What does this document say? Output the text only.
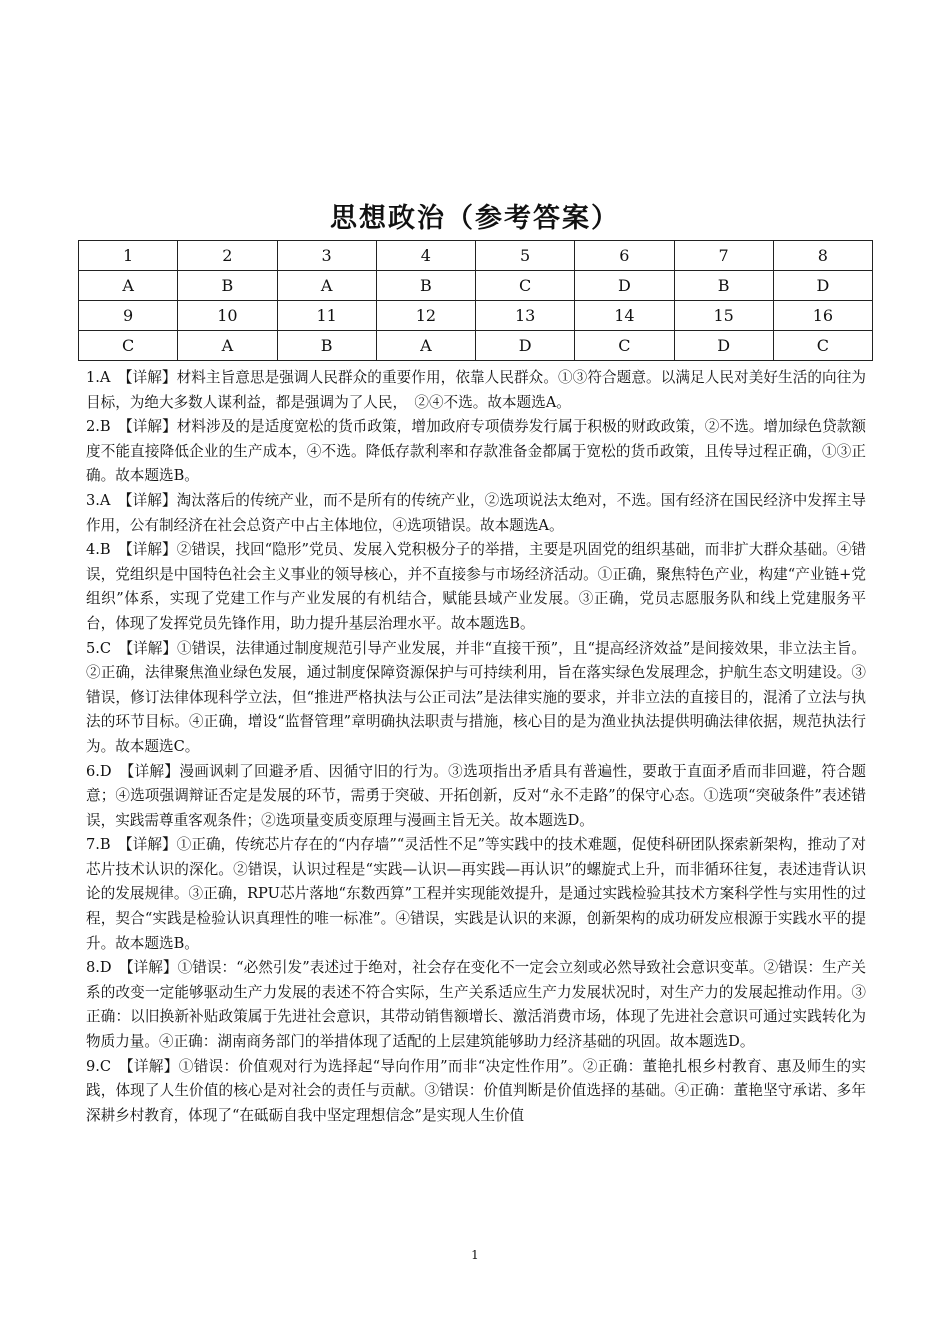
思想政治（参考答案）
1	2	3	4	5	6	7	8
A	B	A	B	C	D	B	D
9	10	11	12	13	14	15	16
C	A	B	A	D	C	D	C

1.A　【详解】材料主旨意思是强调人民群众的重要作用，依靠人民群众。①③符合题意。以满足人民对美好生活的向往为目标，为绝大多数人谋利益，都是强调为了人民，　②④不选。故本题选A。

2.B　【详解】材料涉及的是适度宽松的货币政策，增加政府专项债券发行属于积极的财政政策，②不选。增加绿色贷款额度不能直接降低企业的生产成本，④不选。降低存款利率和存款准备金都属于宽松的货币政策，且传导过程正确，①③正确。故本题选B。

3.A　【详解】淘汰落后的传统产业，而不是所有的传统产业，②选项说法太绝对，不选。国有经济在国民经济中发挥主导作用，公有制经济在社会总资产中占主体地位，④选项错误。故本题选A。

4.B　【详解】②错误，找回“隐形”党员、发展入党积极分子的举措，主要是巩固党的组织基础，而非扩大群众基础。④错误，党组织是中国特色社会主义事业的领导核心，并不直接参与市场经济活动。①正确，聚焦特色产业，构建“产业链+党组织”体系，实现了党建工作与产业发展的有机结合，赋能县域产业发展。③正确，党员志愿服务队和线上党建服务平台，体现了发挥党员先锋作用，助力提升基层治理水平。故本题选B。

5.C　【详解】①错误，法律通过制度规范引导产业发展，并非“直接干预”，且“提高经济效益”是间接效果，非立法主旨。②正确，法律聚焦渔业绿色发展，通过制度保障资源保护与可持续利用，旨在落实绿色发展理念，护航生态文明建设。③错误，修订法律体现科学立法，但“推进严格执法与公正司法”是法律实施的要求，并非立法的直接目的，混淆了立法与执法的环节目标。④正确，增设“监督管理”章明确执法职责与措施，核心目的是为渔业执法提供明确法律依据，规范执法行为。故本题选C。

6.D　【详解】漫画讽刺了回避矛盾、因循守旧的行为。③选项指出矛盾具有普遍性，要敢于直面矛盾而非回避，符合题意；④选项强调辩证否定是发展的环节，需勇于突破、开拓创新，反对“永不走路”的保守心态。①选项“突破条件”表述错误，实践需尊重客观条件；②选项量变质变原理与漫画主旨无关。故本题选D。

7.B　【详解】①正确，传统芯片存在的“内存墙”“灵活性不足”等实践中的技术难题，促使科研团队探索新架构，推动了对芯片技术认识的深化。②错误，认识过程是“实践—认识—再实践—再认识”的螺旋式上升，而非循环往复，表述违背认识论的发展规律。③正确，RPU芯片落地“东数西算”工程并实现能效提升，是通过实践检验其技术方案科学性与实用性的过程，契合“实践是检验认识真理性的唯一标准”。④错误，实践是认识的来源，创新架构的成功研发应根源于实践水平的提升。故本题选B。

8.D　【详解】①错误：“必然引发”表述过于绝对，社会存在变化不一定会立刻或必然导致社会意识变革。②错误：生产关系的改变一定能够驱动生产力发展的表述不符合实际，生产关系适应生产力发展状况时，对生产力的发展起推动作用。③正确：以旧换新补贴政策属于先进社会意识，其带动销售额增长、激活消费市场，体现了先进社会意识可通过实践转化为物质力量。④正确：湖南商务部门的举措体现了适配的上层建筑能够助力经济基础的巩固。故本题选D。

9.C　【详解】①错误：价值观对行为选择起“导向作用”而非“决定性作用”。②正确：董艳扎根乡村教育、惠及师生的实践，体现了人生价值的核心是对社会的责任与贡献。③错误：价值判断是价值选择的基础。④正确：董艳坚守承诺、多年深耕乡村教育，体现了“在砥砺自我中坚定理想信念”是实现人生价值

1
